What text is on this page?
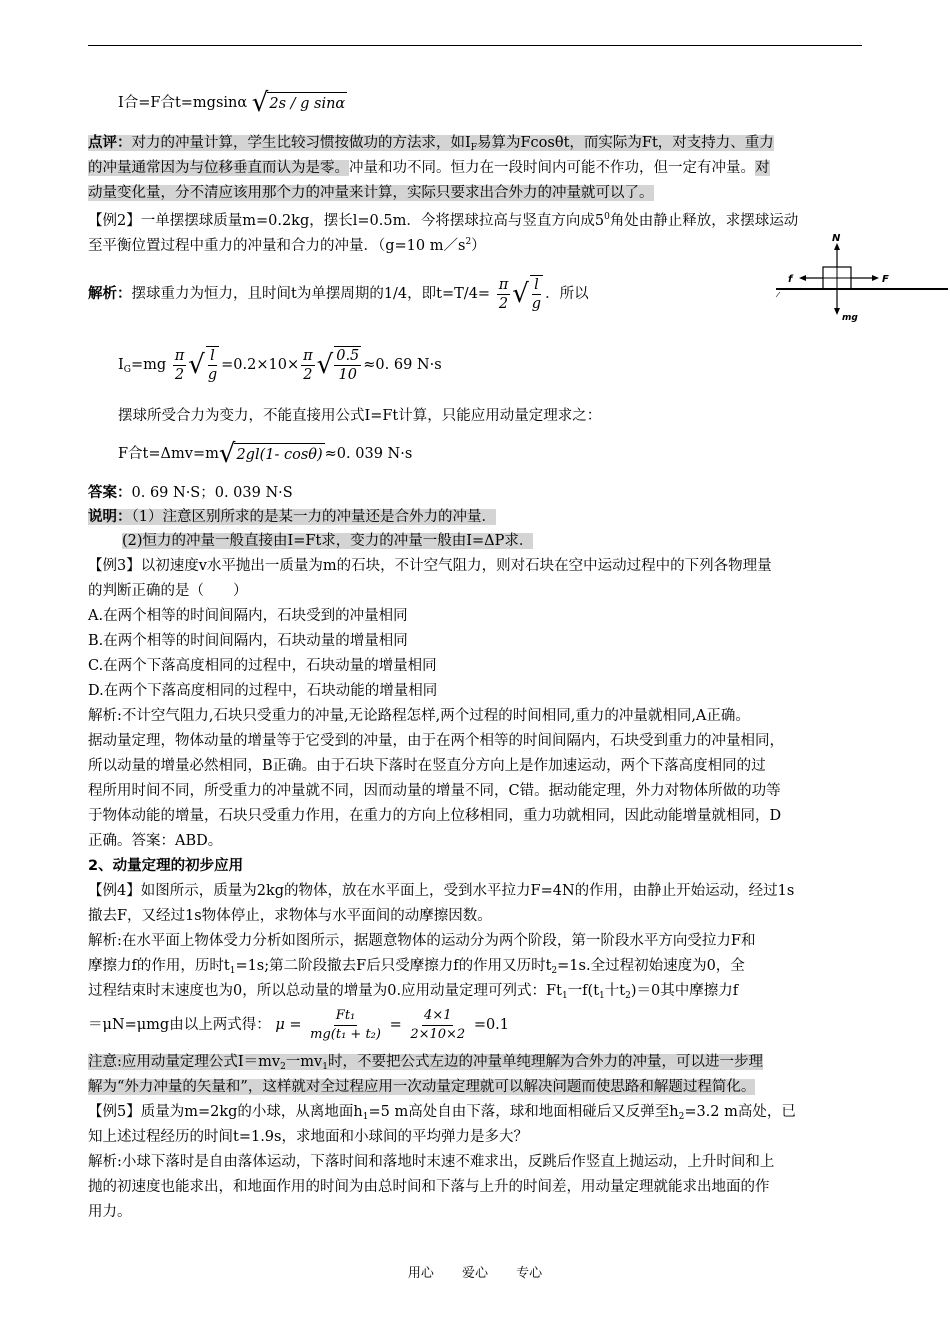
I合=F合t=mgsinα √ 2s / g sinα
点评：对力的冲量计算，学生比较习惯按做功的方法求，如$I_F$易算为Fcosθt，而实际为Ft，对支持力、重力
的冲量通常因为与位移垂直而认为是零。冲量和功不同。恒力在一段时间内可能不作功，但一定有冲量。对
动量变化量，分不清应该用那个力的冲量来计算，实际只要求出合外力的冲量就可以了。
【例2】一单摆摆球质量m=0.2kg，摆长l=0.5m．今将摆球拉高与竖直方向成$5^0$角处由静止释放，求摆球运动
至平衡位置过程中重力的冲量和合力的冲量．（g=10 $m/s^2$）	N
f	F
mg
解析：摆球重力为恒力，且时间t为单摆周期的1/4，即$t=T/4= \frac{\pi}{2}$ √ $\frac{l}{g}$ ．所以
$I_G=mg \frac{\pi}{2}$ √ $\frac{l}{g} =0.2\times 10\times \frac{\pi}{2}$ √ $\frac{0.5}{10} \approx 0$. 69 N·s
摆球所受合力为变力，不能直接用公式I=Ft计算，只能应用动量定理求之：
F合t=Δmv=m √ 2gl(1- cosθ) ≈0. 039 N·s
答案：0. 69 N·S；0. 039 N·S
说明：（1）注意区别所求的是某一力的冲量还是合外力的冲量．
(2)恒力的冲量一般直接由I=Ft求，变力的冲量一般由I=ΔP求．
【例3】以初速度v水平抛出一质量为m的石块，不计空气阻力，则对石块在空中运动过程中的下列各物理量
的判断正确的是（　　）
A.在两个相等的时间间隔内，石块受到的冲量相同
B.在两个相等的时间间隔内，石块动量的增量相同
C.在两个下落高度相同的过程中，石块动量的增量相同
D.在两个下落高度相同的过程中，石块动能的增量相同
解析:不计空气阻力,石块只受重力的冲量,无论路程怎样,两个过程的时间相同,重力的冲量就相同,A正确。
据动量定理，物体动量的增量等于它受到的冲量，由于在两个相等的时间间隔内，石块受到重力的冲量相同，
所以动量的增量必然相同，B正确。由于石块下落时在竖直分方向上是作加速运动，两个下落高度相同的过
程所用时间不同，所受重力的冲量就不同，因而动量的增量不同，C错。据动能定理，外力对物体所做的功等
于物体动能的增量，石块只受重力作用，在重力的方向上位移相同，重力功就相同，因此动能增量就相同，D
正确。答案：ABD。
2、动量定理的初步应用
【例4】如图所示，质量为2kg的物体，放在水平面上，受到水平拉力F=4N的作用，由静止开始运动，经过1s
撤去F，又经过1s物体停止，求物体与水平面间的动摩擦因数。
解析:在水平面上物体受力分析如图所示，据题意物体的运动分为两个阶段，第一阶段水平方向受拉力F和
摩擦力f的作用，历时$t_1=1s$;第二阶段撤去F后只受摩擦力f的作用又历时$t_2=1s$.全过程初始速度为0，全
过程结束时末速度也为0，所以总动量的增量为0.应用动量定理可列式：$Ft_1$一$f(t_1$十$t_2)=0$其中摩擦力f
＝μN=μmg由以上两式得： $\mu = \frac{\text{Ft₁}}{\text{mg(t₁ + t₂)}} = \frac{4\times 1}{2\times 10\times 2} =0.1$
注意:应用动量定理公式$I=mv_2$一$mv_1$时，不要把公式左边的冲量单纯理解为合外力的冲量，可以进一步理
解为“外力冲量的矢量和”，这样就对全过程应用一次动量定理就可以解决问题而使思路和解题过程简化。
【例5】质量为m=2kg的小球，从离地面$h_1=5$ m高处自由下落，球和地面相碰后又反弹至$h_2=3.2$ m高处，已
知上述过程经历的时间t=1.9s，求地面和小球间的平均弹力是多大？
解析:小球下落时是自由落体运动，下落时间和落地时末速不难求出，反跳后作竖直上抛运动，上升时间和上
抛的初速度也能求出，和地面作用的时间为由总时间和下落与上升的时间差，用动量定理就能求出地面的作
用力。
用心 爱心 专心
